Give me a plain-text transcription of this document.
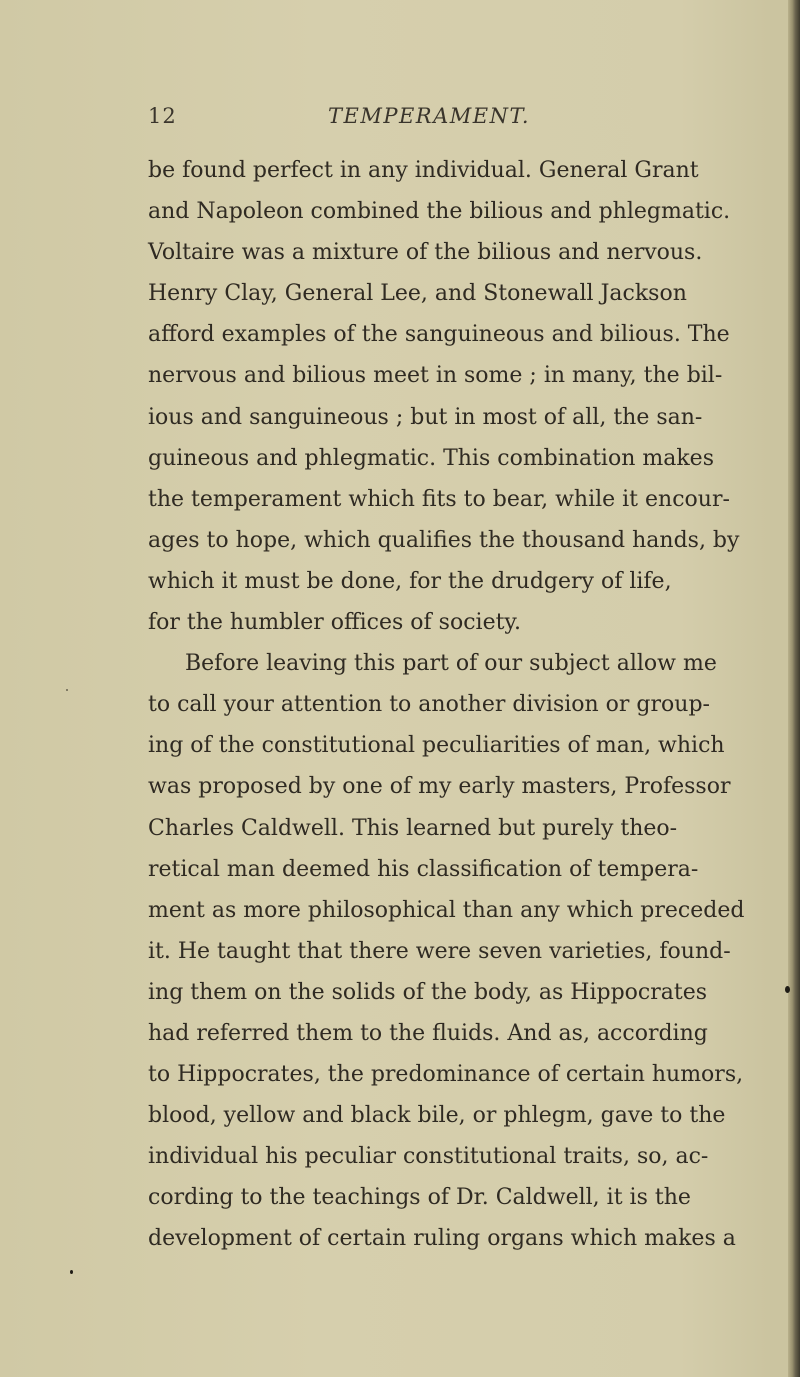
12	TEMPERAMENT.
be found perfect in any individual. General Grant
and Napoleon combined the bilious and phlegmatic.
Voltaire was a mixture of the bilious and nervous.
Henry Clay, General Lee, and Stonewall Jackson
afford examples of the sanguineous and bilious. The
nervous and bilious meet in some ; in many, the bil-
ious and sanguineous ; but in most of all, the san-
guineous and phlegmatic. This combination makes
the temperament which fits to bear, while it encour-
ages to hope, which qualifies the thousand hands, by
which it must be done, for the drudgery of life,
for the humbler offices of society.
Before leaving this part of our subject allow me
to call your attention to another division or group-
ing of the constitutional peculiarities of man, which
was proposed by one of my early masters, Professor
Charles Caldwell. This learned but purely theo-
retical man deemed his classification of tempera-
ment as more philosophical than any which preceded
it. He taught that there were seven varieties, found-
ing them on the solids of the body, as Hippocrates
had referred them to the fluids. And as, according
to Hippocrates, the predominance of certain humors,
blood, yellow and black bile, or phlegm, gave to the
individual his peculiar constitutional traits, so, ac-
cording to the teachings of Dr. Caldwell, it is the
development of certain ruling organs which makes a
